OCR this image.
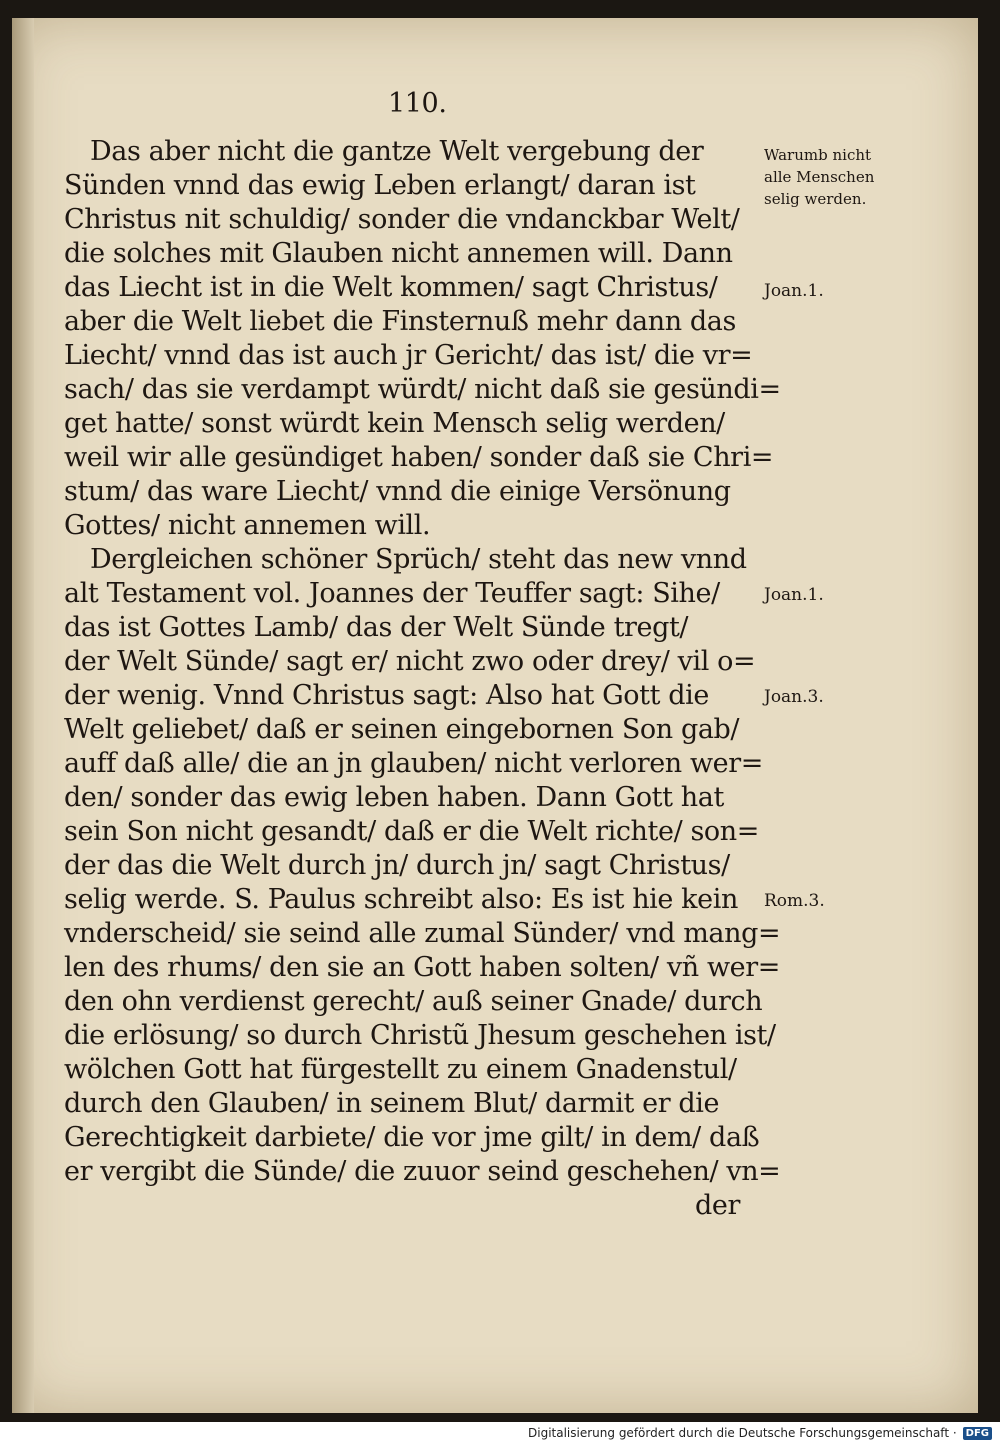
110.
Das aber nicht die gantze Welt vergebung der
Sünden vnnd das ewig Leben erlangt/ daran ist
Christus nit schuldig/ sonder die vndanckbar Welt/
die solches mit Glauben nicht annemen will. Dann
das Liecht ist in die Welt kommen/ sagt Christus/
aber die Welt liebet die Finsternuß mehr dann das
Liecht/ vnnd das ist auch jr Gericht/ das ist/ die vr=
sach/ das sie verdampt würdt/ nicht daß sie gesündi=
get hatte/ sonst würdt kein Mensch selig werden/
weil wir alle gesündiget haben/ sonder daß sie Chri=
stum/ das ware Liecht/ vnnd die einige Versönung
Gottes/ nicht annemen will.
Dergleichen schöner Sprüch/ steht das new vnnd
alt Testament vol. Joannes der Teuffer sagt: Sihe/
das ist Gottes Lamb/ das der Welt Sünde tregt/
der Welt Sünde/ sagt er/ nicht zwo oder drey/ vil o=
der wenig. Vnnd Christus sagt: Also hat Gott die
Welt geliebet/ daß er seinen eingebornen Son gab/
auff daß alle/ die an jn glauben/ nicht verloren wer=
den/ sonder das ewig leben haben. Dann Gott hat
sein Son nicht gesandt/ daß er die Welt richte/ son=
der das die Welt durch jn/ durch jn/ sagt Christus/
selig werde. S. Paulus schreibt also: Es ist hie kein
vnderscheid/ sie seind alle zumal Sünder/ vnd mang=
len des rhums/ den sie an Gott haben solten/ vñ wer=
den ohn verdienst gerecht/ auß seiner Gnade/ durch
die erlösung/ so durch Christũ Jhesum geschehen ist/
wölchen Gott hat fürgestellt zu einem Gnadenstul/
durch den Glauben/ in seinem Blut/ darmit er die
Gerechtigkeit darbiete/ die vor jme gilt/ in dem/ daß
er vergibt die Sünde/ die zuuor seind geschehen/ vn=
der
Warumb nicht
alle Menschen
selig werden.
Joan.1.
Joan.1.
Joan.3.
Rom.3.
Digitalisierung gefördert durch die Deutsche Forschungsgemeinschaft · DFG
